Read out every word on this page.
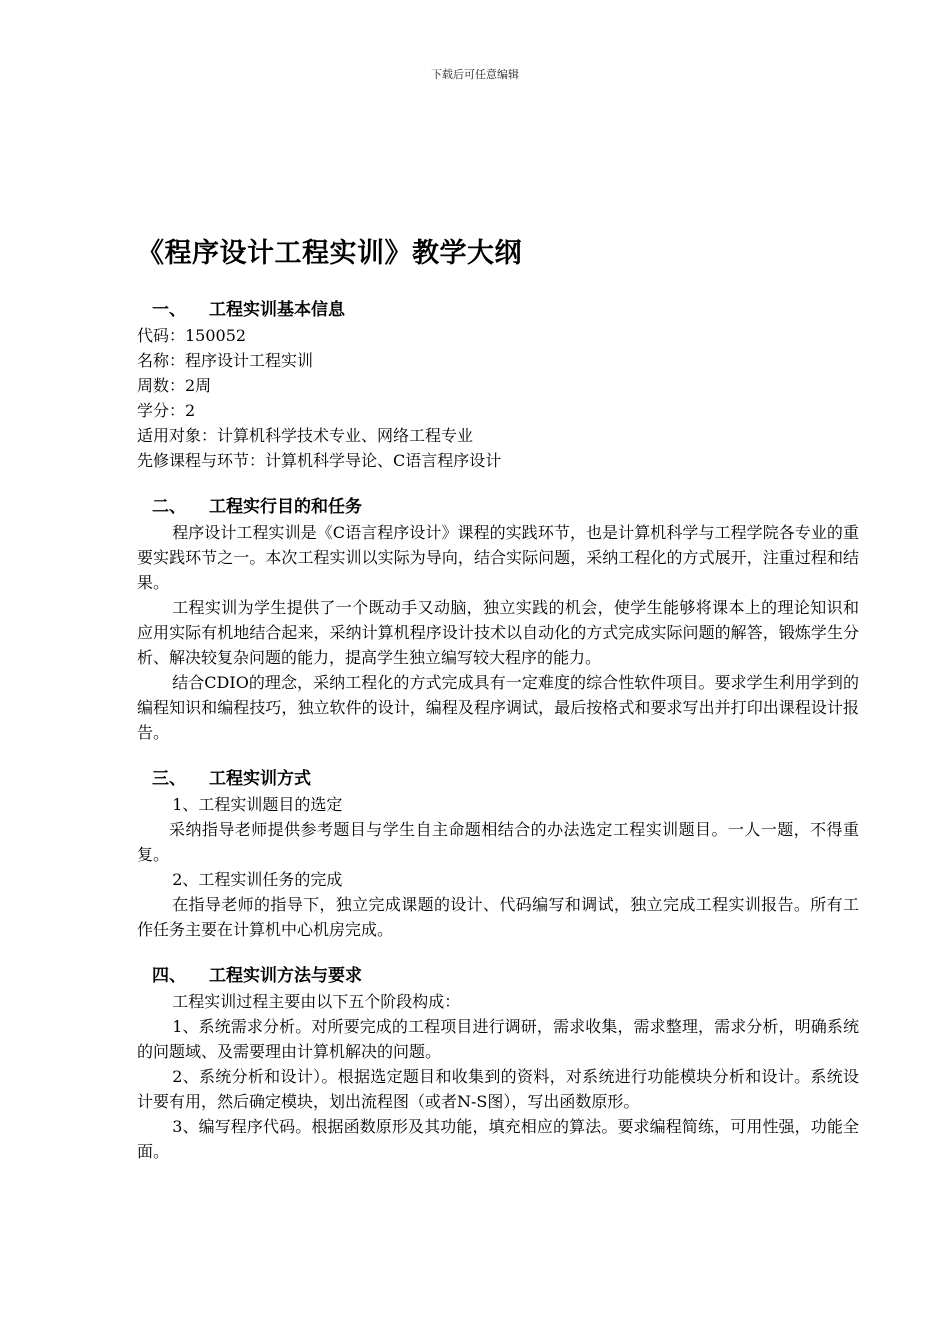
下载后可任意编辑
《程序设计工程实训》教学大纲
一、 工程实训基本信息
代码：150052
名称：程序设计工程实训
周数：2周
学分：2
适用对象：计算机科学技术专业、网络工程专业
先修课程与环节：计算机科学导论、C语言程序设计
二、 工程实行目的和任务

程序设计工程实训是《C语言程序设计》课程的实践环节，也是计算机科学与工程学院各专业的重要实践环节之一。本次工程实训以实际为导向，结合实际问题，采纳工程化的方式展开，注重过程和结果。

工程实训为学生提供了一个既动手又动脑，独立实践的机会，使学生能够将课本上的理论知识和应用实际有机地结合起来，采纳计算机程序设计技术以自动化的方式完成实际问题的解答，锻炼学生分析、解决较复杂问题的能力，提高学生独立编写较大程序的能力。

结合CDIO的理念，采纳工程化的方式完成具有一定难度的综合性软件项目。要求学生利用学到的编程知识和编程技巧，独立软件的设计，编程及程序调试，最后按格式和要求写出并打印出课程设计报告。

三、 工程实训方式
1、工程实训题目的选定

采纳指导老师提供参考题目与学生自主命题相结合的办法选定工程实训题目。一人一题，不得重复。

2、工程实训任务的完成

在指导老师的指导下，独立完成课题的设计、代码编写和调试，独立完成工程实训报告。所有工作任务主要在计算机中心机房完成。

四、 工程实训方法与要求

工程实训过程主要由以下五个阶段构成：

1、系统需求分析。对所要完成的工程项目进行调研，需求收集，需求整理，需求分析，明确系统的问题域、及需要理由计算机解决的问题。

2、系统分析和设计）。根据选定题目和收集到的资料，对系统进行功能模块分析和设计。系统设计要有用，然后确定模块，划出流程图（或者N-S图），写出函数原形。

3、编写程序代码。根据函数原形及其功能，填充相应的算法。要求编程简练，可用性强，功能全面。
